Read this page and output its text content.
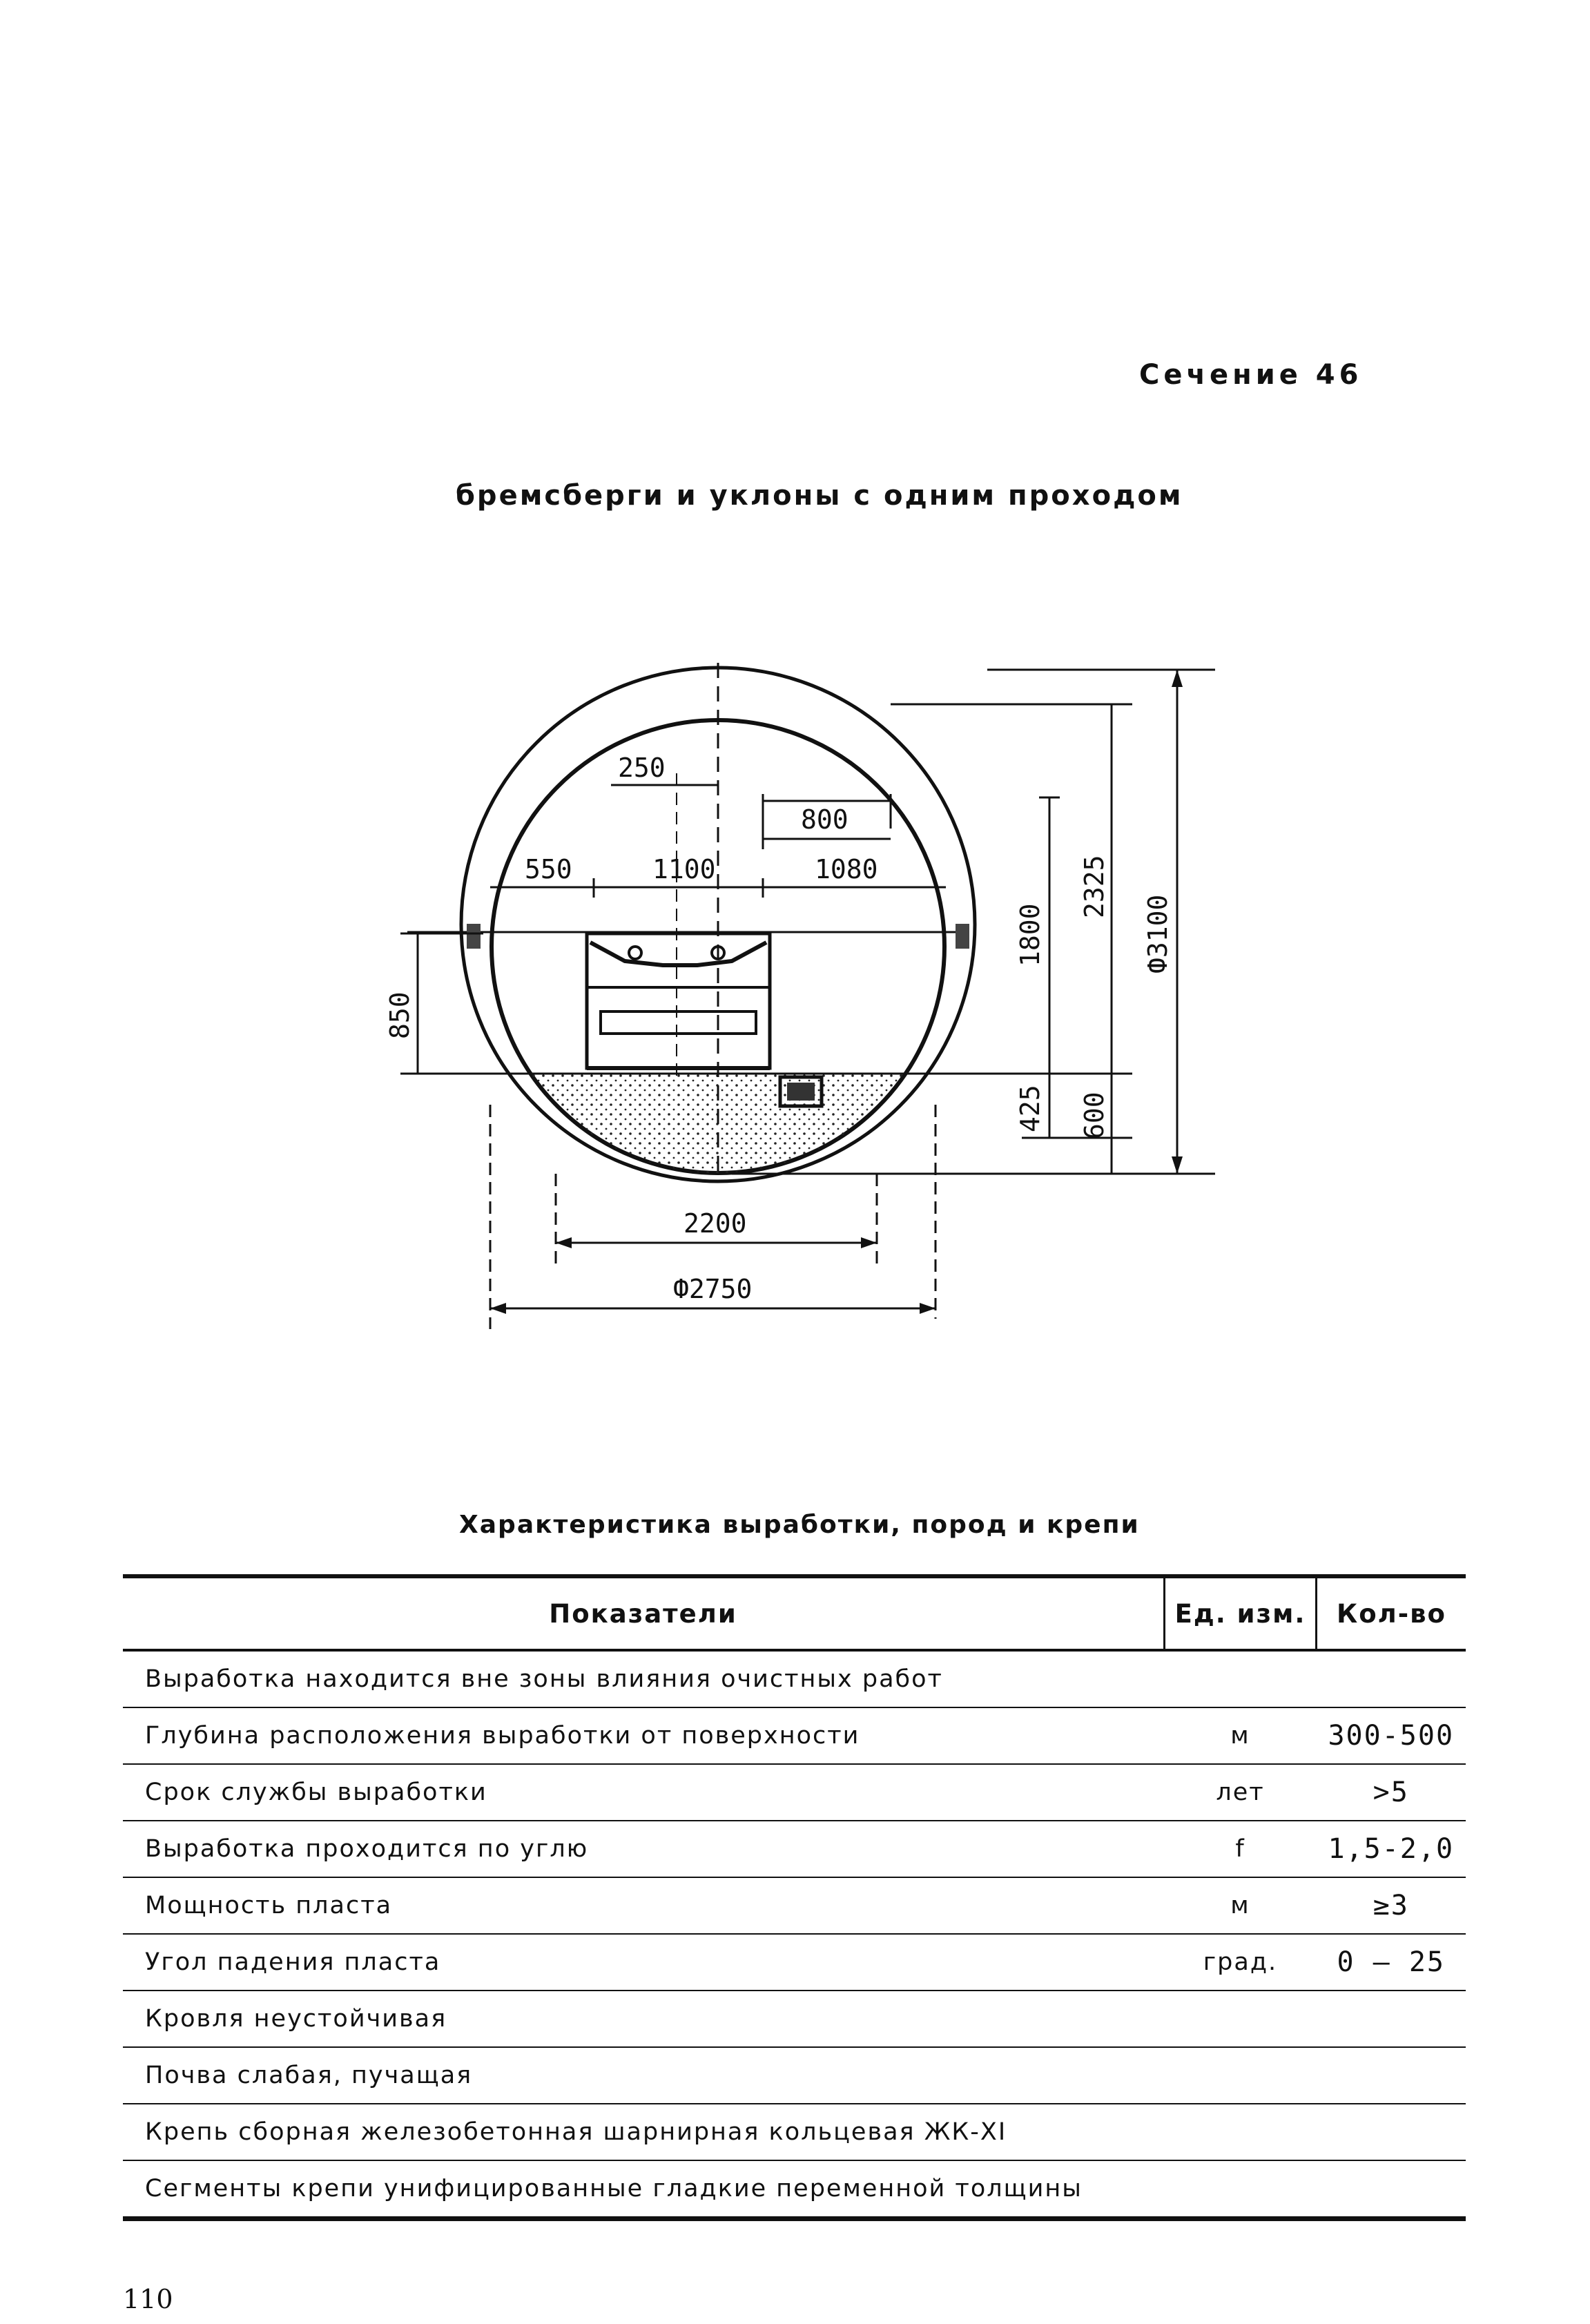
Сечение 46
бремсберги и уклоны с одним проходом
250
800
550	1100	1080
1800
2325
Ф3100
850
425 600
2200
Ф2750
Характеристика выработки, пород и крепи
Показатели	Ед. изм.	Кол-во
Выработка находится вне зоны влияния очистных работ		
Глубина расположения выработки от поверхности	м	300-500
Срок службы выработки	лет	>5
Выработка проходится по углю	f	1,5-2,0
Мощность пласта	м	≥3
Угол падения пласта	град.	0 – 25
Кровля неустойчивая		
Почва слабая, пучащая		
Крепь сборная железобетонная шарнирная кольцевая ЖК-XI		
Сегменты крепи унифицированные гладкие переменной толщины		
110
